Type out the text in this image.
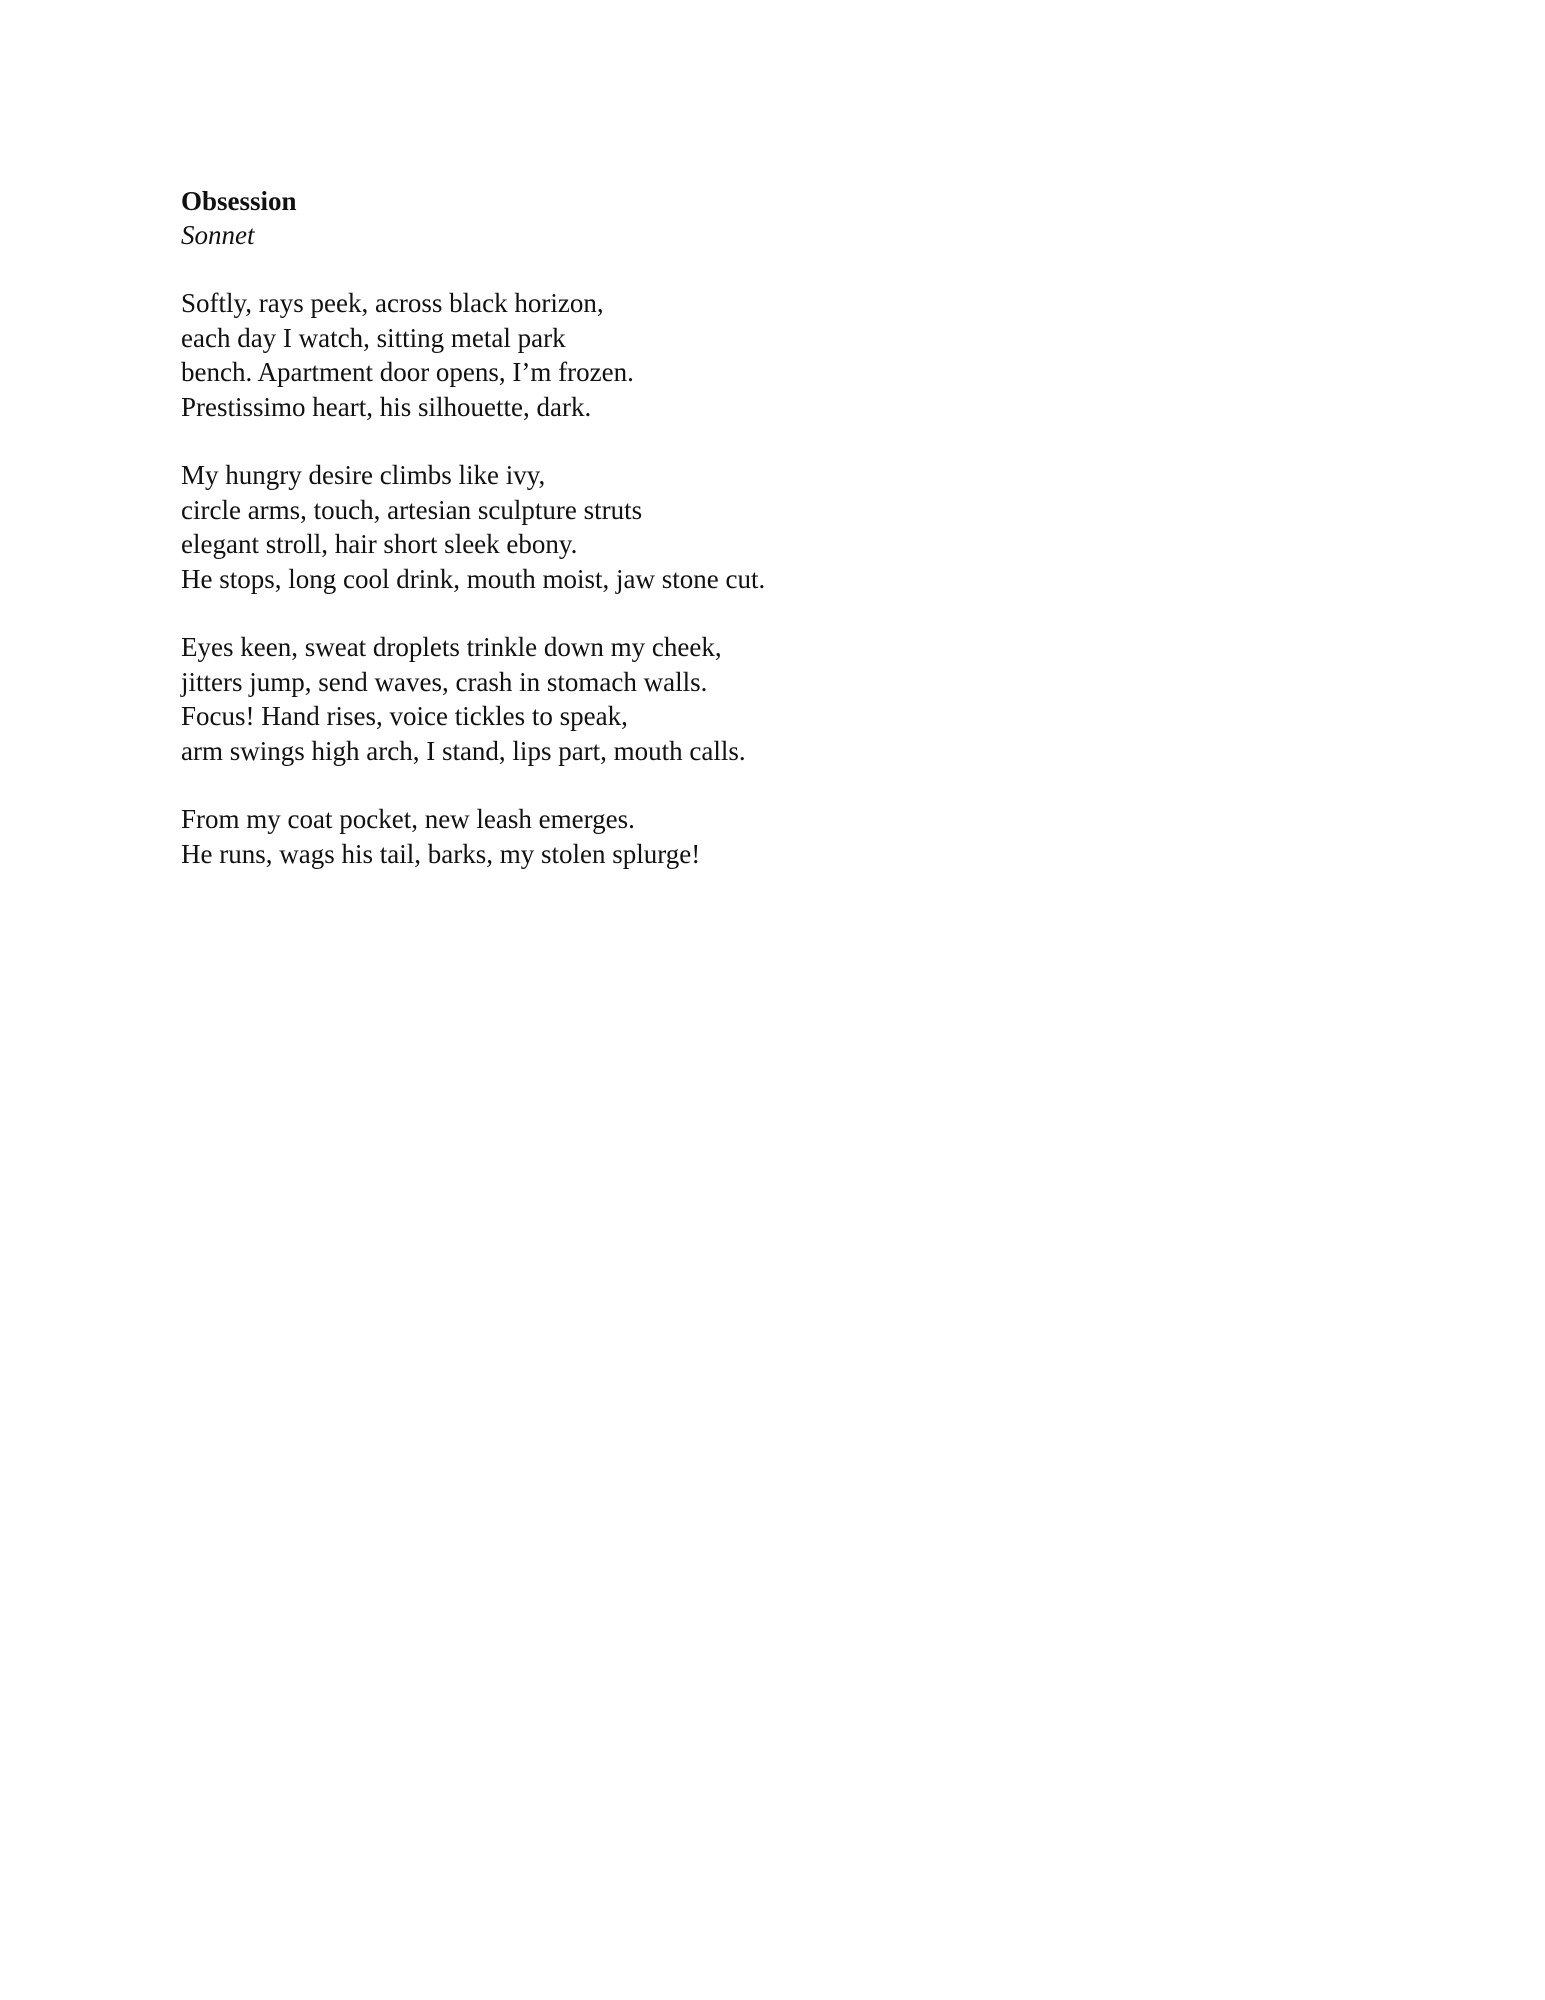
Obsession
Sonnet
Softly, rays peek, across black horizon,
each day I watch, sitting metal park
bench. Apartment door opens, I’m frozen.
Prestissimo heart, his silhouette, dark.
My hungry desire climbs like ivy,
circle arms, touch, artesian sculpture struts
elegant stroll, hair short sleek ebony.
He stops, long cool drink, mouth moist, jaw stone cut.
Eyes keen, sweat droplets trinkle down my cheek,
jitters jump, send waves, crash in stomach walls.
Focus! Hand rises, voice tickles to speak,
arm swings high arch, I stand, lips part, mouth calls.
From my coat pocket, new leash emerges.
He runs, wags his tail, barks, my stolen splurge!
